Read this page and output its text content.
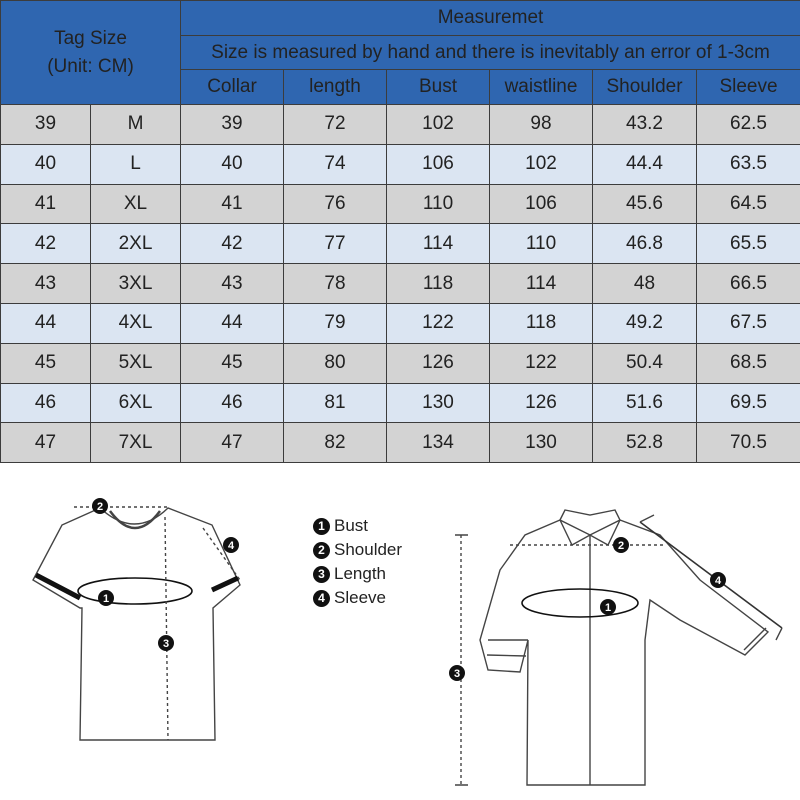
Tag Size
(Unit: CM)		Measuremet					
		Size is measured by hand and there is inevitably an error of 1-3cm					
		Collar	length	Bust	waistline	Shoulder	Sleeve
39	M	39	72	102	98	43.2	62.5
40	L	40	74	106	102	44.4	63.5
41	XL	41	76	110	106	45.6	64.5
42	2XL	42	77	114	110	46.8	65.5
43	3XL	43	78	118	114	48	66.5
44	4XL	44	79	122	118	49.2	67.5
45	5XL	45	80	126	122	50.4	68.5
46	6XL	46	81	130	126	51.6	69.5
47	7XL	47	82	134	130	52.8	70.5
2
1
3
4	2
1
3
4
1 Bust
2 Shoulder
3 Length
4 Sleeve
